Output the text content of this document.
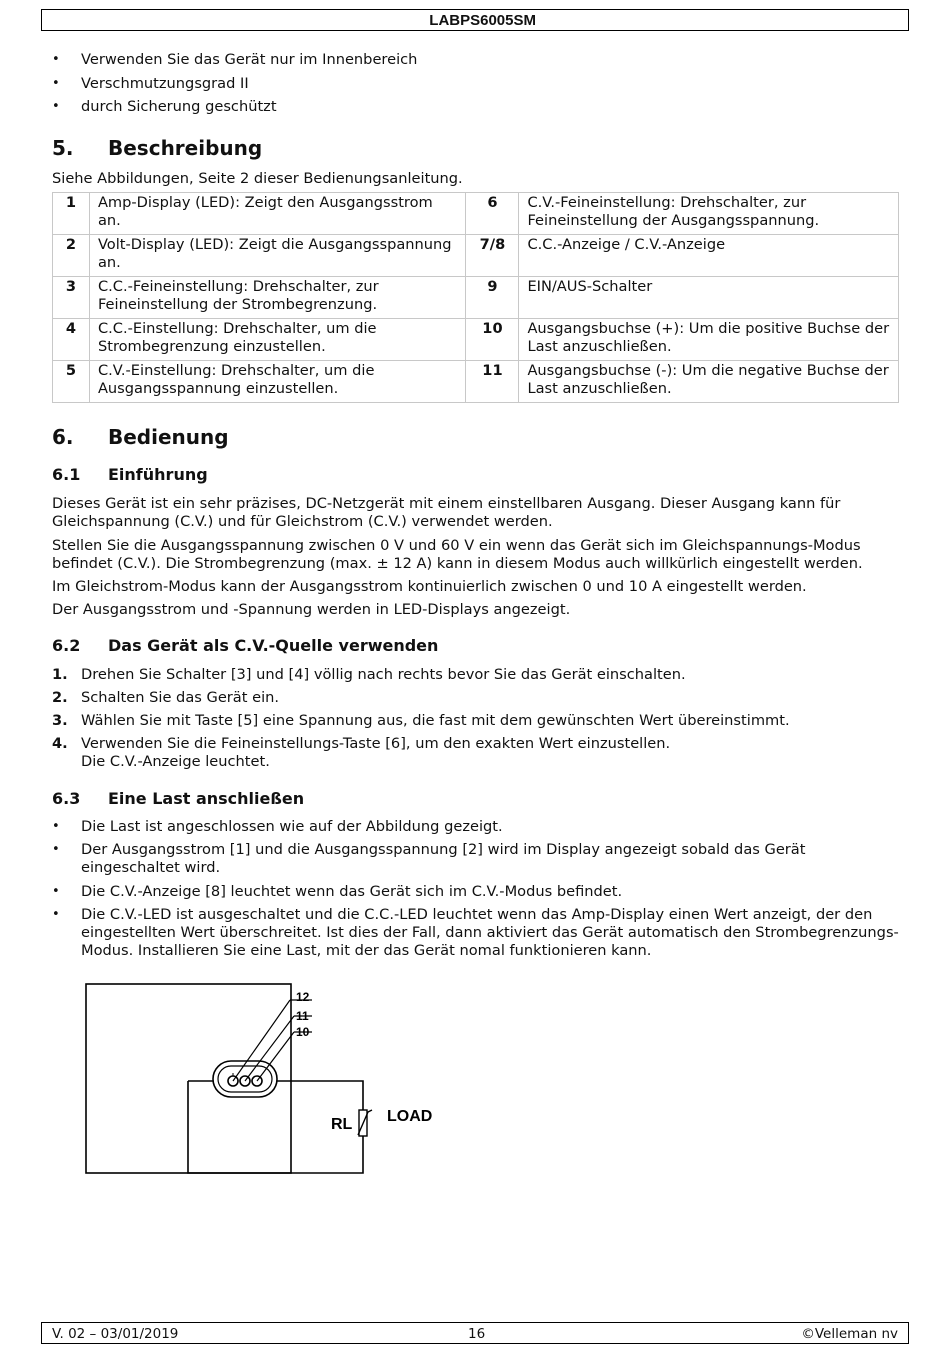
LABPS6005SM
•	Verwenden Sie das Gerät nur im Innenbereich
•	Verschmutzungsgrad II
•	durch Sicherung geschützt
5. Beschreibung
Siehe Abbildungen, Seite 2 dieser Bedienungsanleitung.
1	Amp-Display (LED): Zeigt den Ausgangsstrom an.	6	C.V.-Feineinstellung: Drehschalter, zur Feineinstellung der Ausgangsspannung.
2	Volt-Display (LED): Zeigt die Ausgangsspannung an.	7/8	C.C.-Anzeige / C.V.-Anzeige
3	C.C.-Feineinstellung: Drehschalter, zur Feineinstellung der Strombegrenzung.	9	EIN/AUS-Schalter
4	C.C.-Einstellung: Drehschalter, um die Strombegrenzung einzustellen.	10	Ausgangsbuchse (+): Um die positive Buchse der Last anzuschließen.
5	C.V.-Einstellung: Drehschalter, um die Ausgangsspannung einzustellen.	11	Ausgangsbuchse (-): Um die negative Buchse der Last anzuschließen.
6. Bedienung
6.1 Einführung
Dieses Gerät ist ein sehr präzises, DC-Netzgerät mit einem einstellbaren Ausgang. Dieser Ausgang kann für Gleichspannung (C.V.) und für Gleichstrom (C.V.) verwendet werden.
Stellen Sie die Ausgangsspannung zwischen 0 V und 60 V ein wenn das Gerät sich im Gleichspannungs-Modus befindet (C.V.). Die Strombegrenzung (max. ± 12 A) kann in diesem Modus auch willkürlich eingestellt werden.
Im Gleichstrom-Modus kann der Ausgangsstrom kontinuierlich zwischen 0 und 10 A eingestellt werden.
Der Ausgangsstrom und -Spannung werden in LED-Displays angezeigt.
6.2 Das Gerät als C.V.-Quelle verwenden
1. Drehen Sie Schalter [3] und [4] völlig nach rechts bevor Sie das Gerät einschalten.
2. Schalten Sie das Gerät ein.
3. Wählen Sie mit Taste [5] eine Spannung aus, die fast mit dem gewünschten Wert übereinstimmt.
4. Verwenden Sie die Feineinstellungs-Taste [6], um den exakten Wert einzustellen.
Die C.V.-Anzeige leuchtet.
6.3 Eine Last anschließen
•	Die Last ist angeschlossen wie auf der Abbildung gezeigt.
•	Der Ausgangsstrom [1] und die Ausgangsspannung [2] wird im Display angezeigt sobald das Gerät eingeschaltet wird.
•	Die C.V.-Anzeige [8] leuchtet wenn das Gerät sich im C.V.-Modus befindet.
•	Die C.V.-LED ist ausgeschaltet und die C.C.-LED leuchtet wenn das Amp-Display einen Wert anzeigt, der den eingestellten Wert überschreitet. Ist dies der Fall, dann aktiviert das Gerät automatisch den Strombegrenzungs-Modus. Installieren Sie eine Last, mit der das Gerät nomal funktionieren kann.
12
11
10
RL LOAD
V. 02 – 03/01/2019	16	©Velleman nv
